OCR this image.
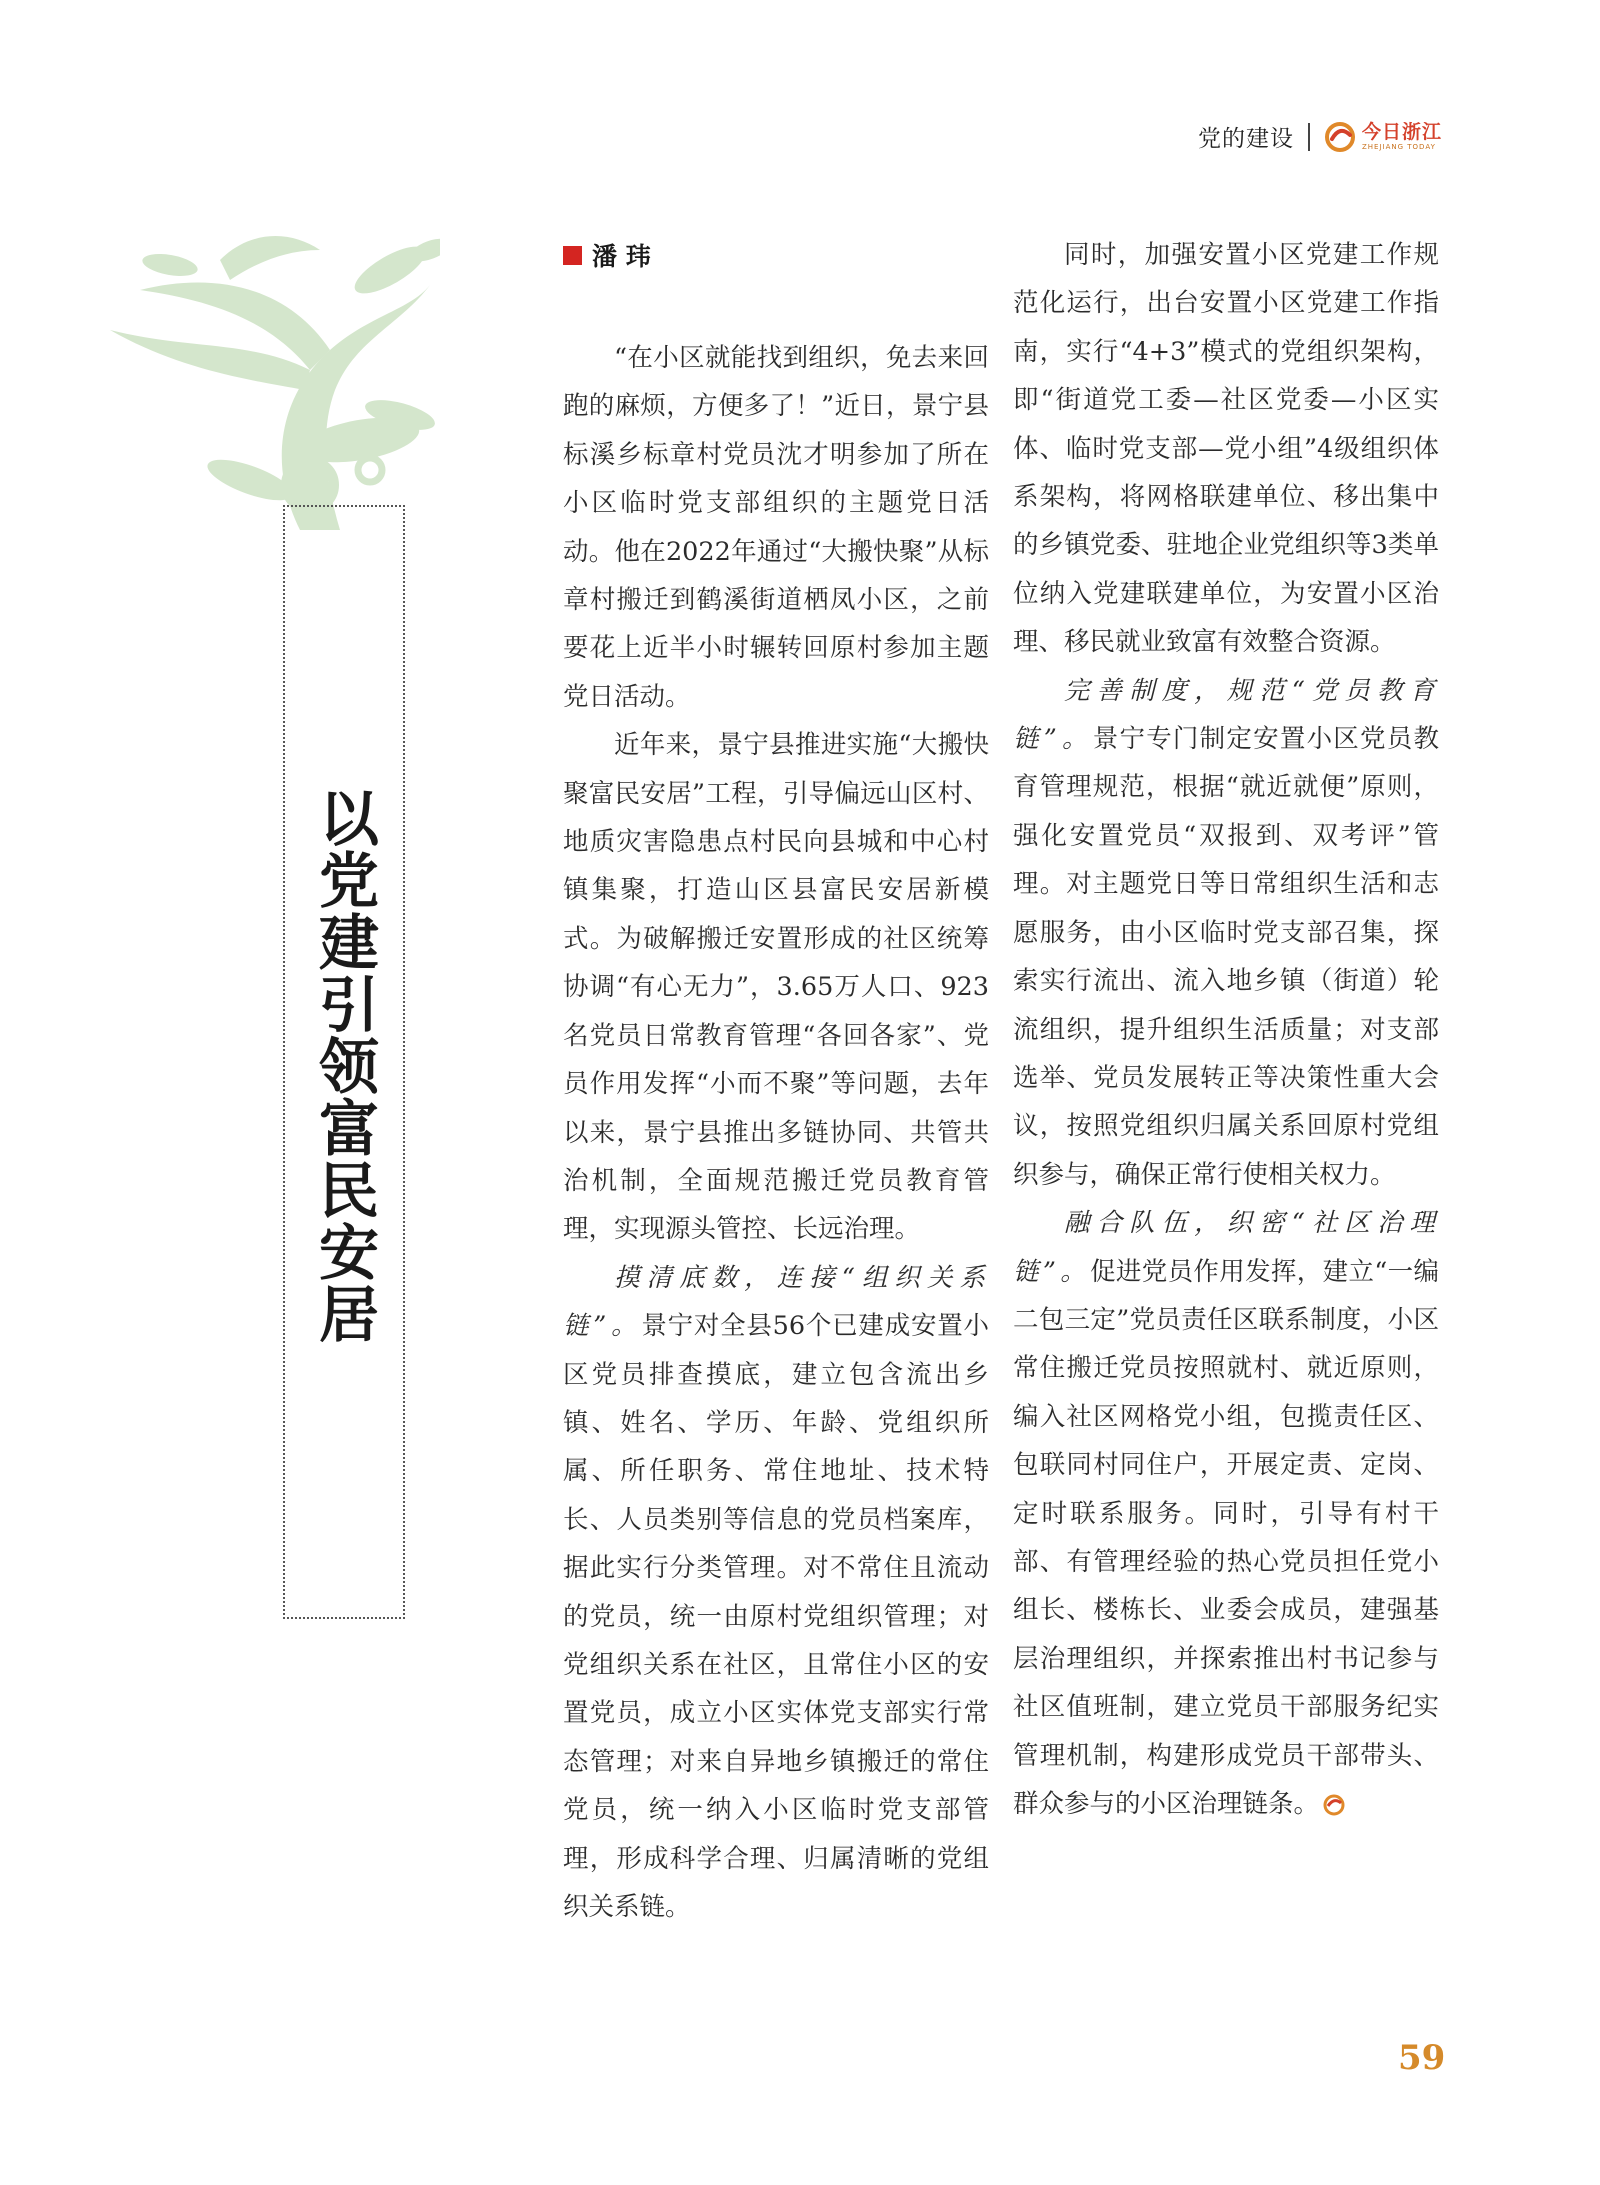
党的建设	今日浙江
ZHEJIANG TODAY
以党建引领富民安居
潘 玮

“在小区就能找到组织，免去来回跑的麻烦，方便多了！”近日，景宁县标溪乡标章村党员沈才明参加了所在小区临时党支部组织的主题党日活动。他在2022年通过“大搬快聚”从标章村搬迁到鹤溪街道栖凤小区，之前要花上近半小时辗转回原村参加主题党日活动。

近年来，景宁县推进实施“大搬快聚富民安居”工程，引导偏远山区村、地质灾害隐患点村民向县城和中心村镇集聚，打造山区县富民安居新模式。为破解搬迁安置形成的社区统筹协调“有心无力”，3.65万人口、923名党员日常教育管理“各回各家”、党员作用发挥“小而不聚”等问题，去年以来，景宁县推出多链协同、共管共治机制，全面规范搬迁党员教育管理，实现源头管控、长远治理。

摸清底数，连接“组织关系链”。景宁对全县56个已建成安置小区党员排查摸底，建立包含流出乡镇、姓名、学历、年龄、党组织所属、所任职务、常住地址、技术特长、人员类别等信息的党员档案库，据此实行分类管理。对不常住且流动的党员，统一由原村党组织管理；对党组织关系在社区，且常住小区的安置党员，成立小区实体党支部实行常态管理；对来自异地乡镇搬迁的常住党员，统一纳入小区临时党支部管理，形成科学合理、归属清晰的党组织关系链。

同时，加强安置小区党建工作规范化运行，出台安置小区党建工作指南，实行“4+3”模式的党组织架构，即“街道党工委—社区党委—小区实体、临时党支部—党小组”4级组织体系架构，将网格联建单位、移出集中的乡镇党委、驻地企业党组织等3类单位纳入党建联建单位，为安置小区治理、移民就业致富有效整合资源。

完善制度，规范“党员教育链”。景宁专门制定安置小区党员教育管理规范，根据“就近就便”原则，强化安置党员“双报到、双考评”管理。对主题党日等日常组织生活和志愿服务，由小区临时党支部召集，探索实行流出、流入地乡镇（街道）轮流组织，提升组织生活质量；对支部选举、党员发展转正等决策性重大会议，按照党组织归属关系回原村党组织参与，确保正常行使相关权力。

融合队伍，织密“社区治理链”。促进党员作用发挥，建立“一编二包三定”党员责任区联系制度，小区常住搬迁党员按照就村、就近原则，编入社区网格党小组，包揽责任区、包联同村同住户，开展定责、定岗、定时联系服务。同时，引导有村干部、有管理经验的热心党员担任党小组长、楼栋长、业委会成员，建强基层治理组织，并探索推出村书记参与社区值班制，建立党员干部服务纪实管理机制，构建形成党员干部带头、群众参与的小区治理链条。

59
